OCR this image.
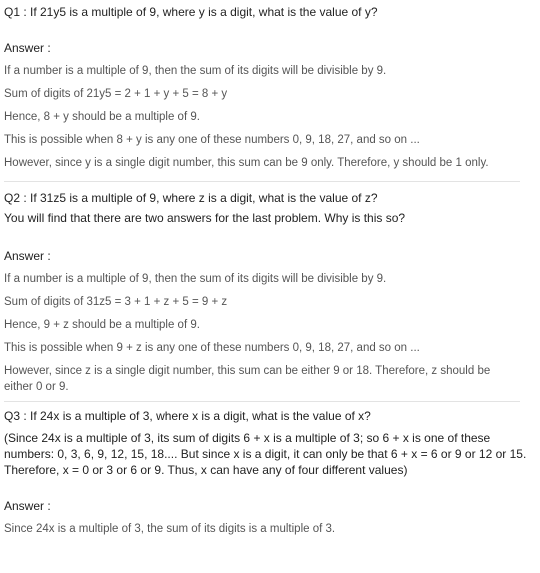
Q1 : If 21y5 is a multiple of 9, where y is a digit, what is the value of y?
Answer :
If a number is a multiple of 9, then the sum of its digits will be divisible by 9.
Sum of digits of 21y5 = 2 + 1 + y + 5 = 8 + y
Hence, 8 + y should be a multiple of 9.
This is possible when 8 + y is any one of these numbers 0, 9, 18, 27, and so on ...
However, since y is a single digit number, this sum can be 9 only. Therefore, y should be 1 only.
Q2 : If 31z5 is a multiple of 9, where z is a digit, what is the value of z?
You will find that there are two answers for the last problem. Why is this so?
Answer :
If a number is a multiple of 9, then the sum of its digits will be divisible by 9.
Sum of digits of 31z5 = 3 + 1 + z + 5 = 9 + z
Hence, 9 + z should be a multiple of 9.
This is possible when 9 + z is any one of these numbers 0, 9, 18, 27, and so on ...
However, since z is a single digit number, this sum can be either 9 or 18. Therefore, z should be
either 0 or 9.
Q3 : If 24x is a multiple of 3, where x is a digit, what is the value of x?
(Since 24x is a multiple of 3, its sum of digits 6 + x is a multiple of 3; so 6 + x is one of these
numbers: 0, 3, 6, 9, 12, 15, 18.... But since x is a digit, it can only be that 6 + x = 6 or 9 or 12 or 15.
Therefore, x = 0 or 3 or 6 or 9. Thus, x can have any of four different values)
Answer :
Since 24x is a multiple of 3, the sum of its digits is a multiple of 3.
